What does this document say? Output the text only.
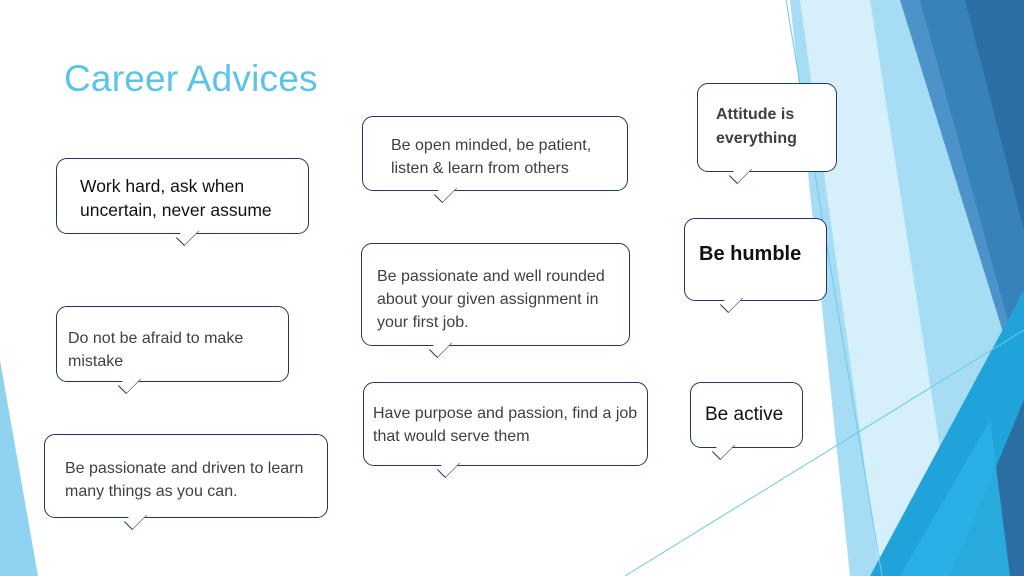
Career Advices
Work hard, ask when uncertain, never assume
Do not be afraid to make mistake
Be passionate and driven to learn many things as you can.
Be open minded, be patient, listen & learn from others
Be passionate and well rounded about your given assignment in your first job.
Have purpose and passion, find a job that would serve them
Attitude is everything
Be humble
Be active
